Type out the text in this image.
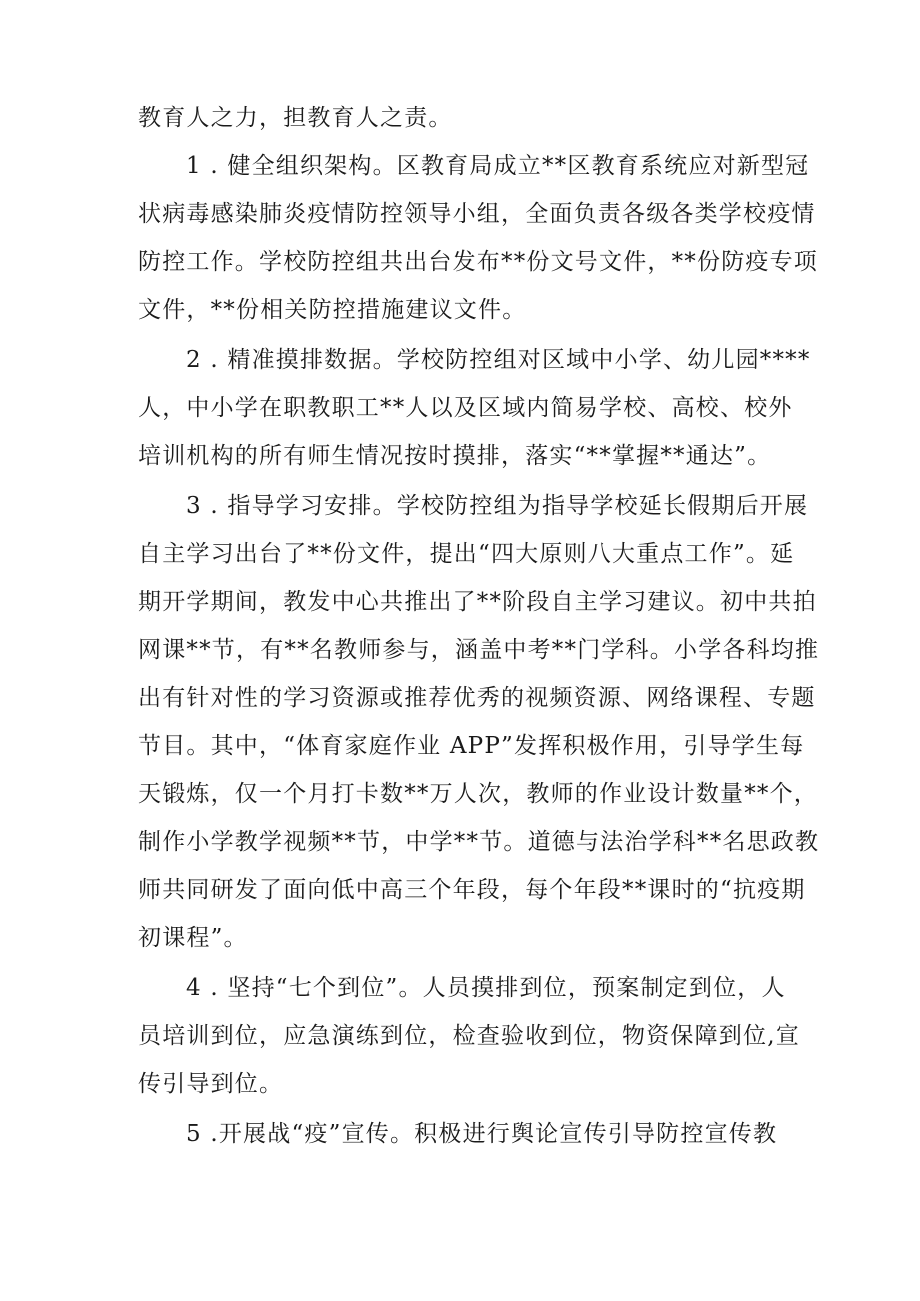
教育人之力，担教育人之责。
1 . 健全组织架构。区教育局成立**区教育系统应对新型冠
状病毒感染肺炎疫情防控领导小组，全面负责各级各类学校疫情
防控工作。学校防控组共出台发布**份文号文件，**份防疫专项
文件，**份相关防控措施建议文件。
2 . 精准摸排数据。学校防控组对区域中小学、幼儿园****
人，中小学在职教职工**人以及区域内简易学校、高校、校外
培训机构的所有师生情况按时摸排，落实“**掌握**通达”。
3 . 指导学习安排。学校防控组为指导学校延长假期后开展
自主学习出台了**份文件，提出“四大原则八大重点工作”。延
期开学期间，教发中心共推出了**阶段自主学习建议。初中共拍
网课**节，有**名教师参与，涵盖中考**门学科。小学各科均推
出有针对性的学习资源或推荐优秀的视频资源、网络课程、专题
节目。其中，“体育家庭作业 APP”发挥积极作用，引导学生每
天锻炼，仅一个月打卡数**万人次，教师的作业设计数量**个，
制作小学教学视频**节，中学**节。道德与法治学科**名思政教
师共同研发了面向低中高三个年段，每个年段**课时的“抗疫期
初课程”。
4 . 坚持“七个到位”。人员摸排到位，预案制定到位，人
员培训到位，应急演练到位，检查验收到位，物资保障到位,宣
传引导到位。
5 .开展战“疫”宣传。积极进行舆论宣传引导防控宣传教
